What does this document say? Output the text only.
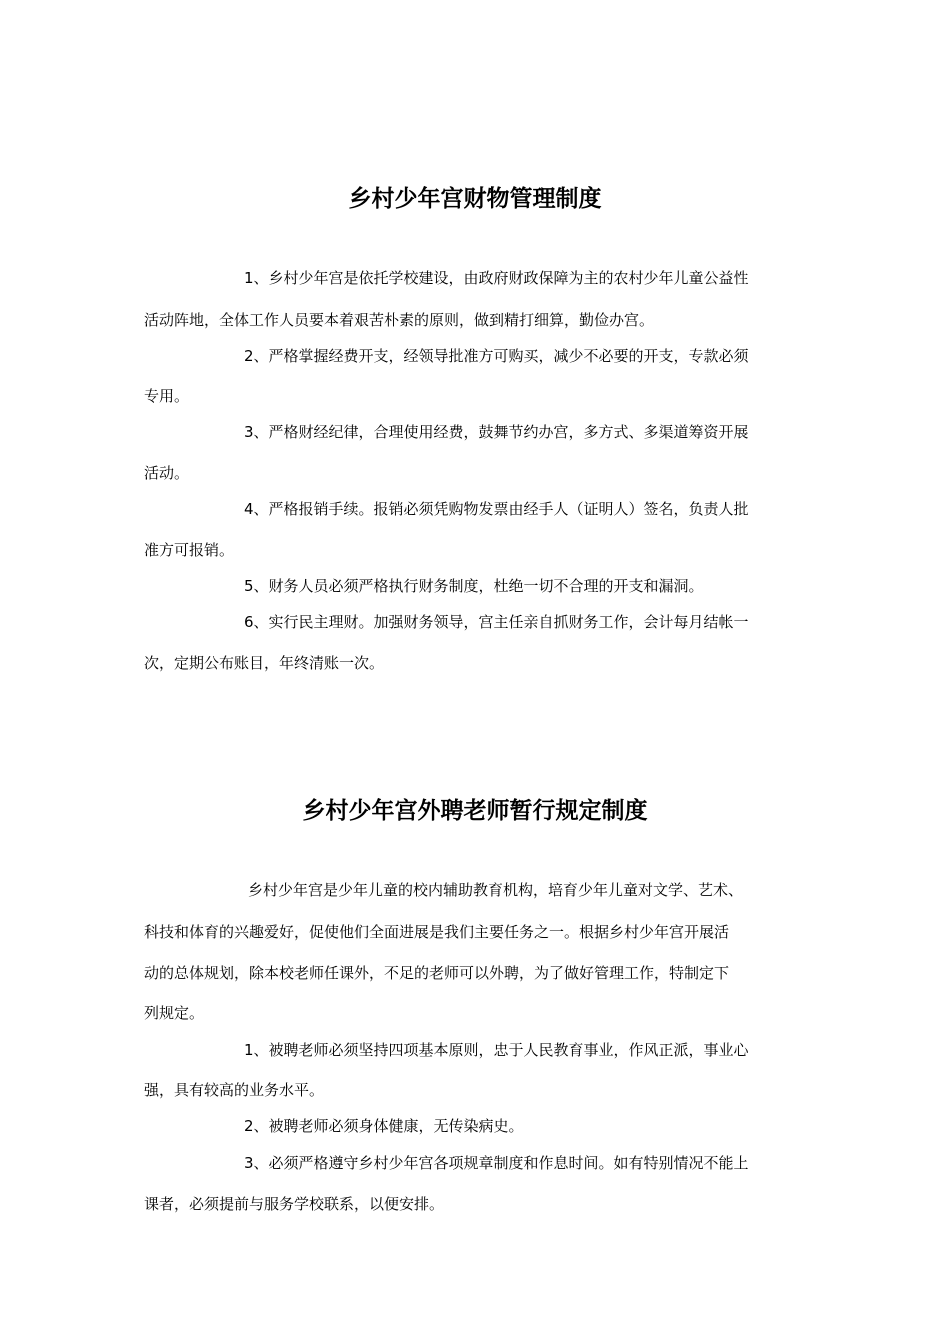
乡村少年宫财物管理制度

1、乡村少年宫是依托学校建设，由政府财政保障为主的农村少年儿童公益性

活动阵地，全体工作人员要本着艰苦朴素的原则，做到精打细算，勤俭办宫。

2、严格掌握经费开支，经领导批准方可购买，减少不必要的开支，专款必须

专用。

3、严格财经纪律，合理使用经费，鼓舞节约办宫，多方式、多渠道筹资开展

活动。

4、严格报销手续。报销必须凭购物发票由经手人（证明人）签名，负责人批

准方可报销。

5、财务人员必须严格执行财务制度，杜绝一切不合理的开支和漏洞。

6、实行民主理财。加强财务领导，宫主任亲自抓财务工作，会计每月结帐一

次，定期公布账目，年终清账一次。

乡村少年宫外聘老师暂行规定制度

乡村少年宫是少年儿童的校内辅助教育机构，培育少年儿童对文学、艺术、

科技和体育的兴趣爱好，促使他们全面进展是我们主要任务之一。根据乡村少年宫开展活

动的总体规划，除本校老师任课外，不足的老师可以外聘，为了做好管理工作，特制定下

列规定。

1、被聘老师必须坚持四项基本原则，忠于人民教育事业，作风正派，事业心

强，具有较高的业务水平。

2、被聘老师必须身体健康，无传染病史。

3、必须严格遵守乡村少年宫各项规章制度和作息时间。如有特别情况不能上

课者，必须提前与服务学校联系，以便安排。
